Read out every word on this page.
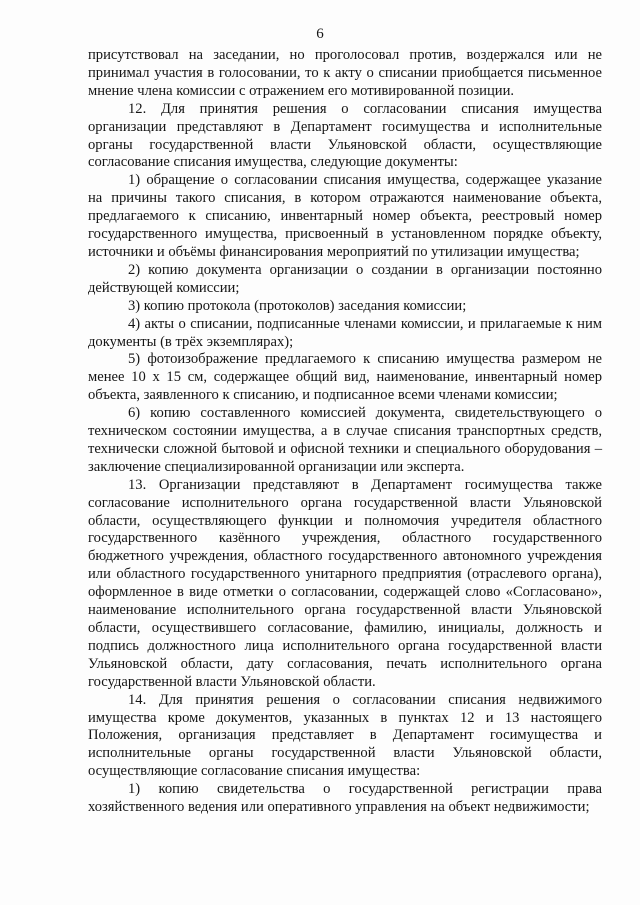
6

присутствовал на заседании, но проголосовал против, воздержался или не принимал участия в голосовании, то к акту о списании приобщается письменное мнение члена комиссии с отражением его мотивированной позиции.

12. Для принятия решения о согласовании списания имущества организации представляют в Департамент госимущества и исполнительные органы государственной власти Ульяновской области, осуществляющие согласование списания имущества, следующие документы:

1) обращение о согласовании списания имущества, содержащее указание на причины такого списания, в котором отражаются наименование объекта, предлагаемого к списанию, инвентарный номер объекта, реестровый номер государственного имущества, присвоенный в установленном порядке объекту, источники и объёмы финансирования мероприятий по утилизации имущества;

2) копию документа организации о создании в организации постоянно действующей комиссии;

3) копию протокола (протоколов) заседания комиссии;

4) акты о списании, подписанные членами комиссии, и прилагаемые к ним документы (в трёх экземплярах);

5) фотоизображение предлагаемого к списанию имущества размером не менее 10 х 15 см, содержащее общий вид, наименование, инвентарный номер объекта, заявленного к списанию, и подписанное всеми членами комиссии;

6) копию составленного комиссией документа, свидетельствующего о техническом состоянии имущества, а в случае списания транспортных средств, технически сложной бытовой и офисной техники и специального оборудования – заключение специализированной организации или эксперта.

13. Организации представляют в Департамент госимущества также согласование исполнительного органа государственной власти Ульяновской области, осуществляющего функции и полномочия учредителя областного государственного казённого учреждения, областного государственного бюджетного учреждения, областного государственного автономного учреждения или областного государственного унитарного предприятия (отраслевого органа), оформленное в виде отметки о согласовании, содержащей слово «Согласовано», наименование исполнительного органа государственной власти Ульяновской области, осуществившего согласование, фамилию, инициалы, должность и подпись должностного лица исполнительного органа государственной власти Ульяновской области, дату согласования, печать исполнительного органа государственной власти Ульяновской области.

14. Для принятия решения о согласовании списания недвижимого имущества кроме документов, указанных в пунктах 12 и 13 настоящего Положения, организация представляет в Департамент госимущества и исполнительные органы государственной власти Ульяновской области, осуществляющие согласование списания имущества:

1) копию свидетельства о государственной регистрации права хозяйственного ведения или оперативного управления на объект недвижимости;
